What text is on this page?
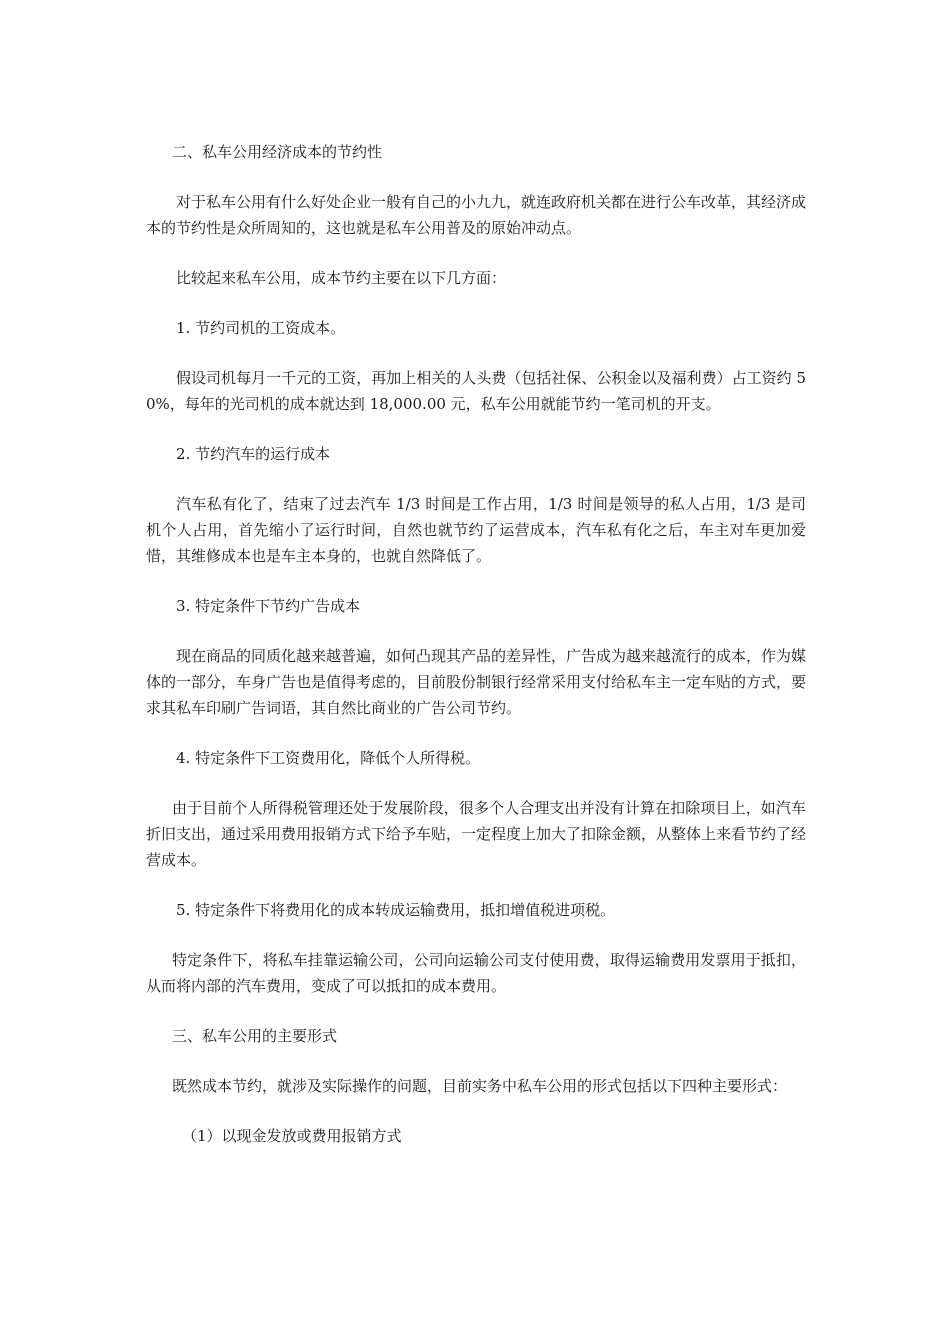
二、私车公用经济成本的节约性

对于私车公用有什么好处企业一般有自己的小九九，就连政府机关都在进行公车改革，其经济成本的节约性是众所周知的，这也就是私车公用普及的原始冲动点。

比较起来私车公用，成本节约主要在以下几方面：

1. 节约司机的工资成本。

假设司机每月一千元的工资，再加上相关的人头费（包括社保、公积金以及福利费）占工资约 50%，每年的光司机的成本就达到 18,000.00 元，私车公用就能节约一笔司机的开支。

2. 节约汽车的运行成本

汽车私有化了，结束了过去汽车 1/3 时间是工作占用，1/3 时间是领导的私人占用，1/3 是司机个人占用，首先缩小了运行时间，自然也就节约了运营成本，汽车私有化之后，车主对车更加爱惜，其维修成本也是车主本身的，也就自然降低了。

3. 特定条件下节约广告成本

现在商品的同质化越来越普遍，如何凸现其产品的差异性，广告成为越来越流行的成本，作为媒体的一部分，车身广告也是值得考虑的，目前股份制银行经常采用支付给私车主一定车贴的方式，要求其私车印刷广告词语，其自然比商业的广告公司节约。

4. 特定条件下工资费用化，降低个人所得税。

由于目前个人所得税管理还处于发展阶段，很多个人合理支出并没有计算在扣除项目上，如汽车折旧支出，通过采用费用报销方式下给予车贴，一定程度上加大了扣除金额，从整体上来看节约了经营成本。

5. 特定条件下将费用化的成本转成运输费用，抵扣增值税进项税。

特定条件下，将私车挂靠运输公司，公司向运输公司支付使用费，取得运输费用发票用于抵扣，从而将内部的汽车费用，变成了可以抵扣的成本费用。

三、私车公用的主要形式

既然成本节约，就涉及实际操作的问题，目前实务中私车公用的形式包括以下四种主要形式：

（1）以现金发放或费用报销方式
